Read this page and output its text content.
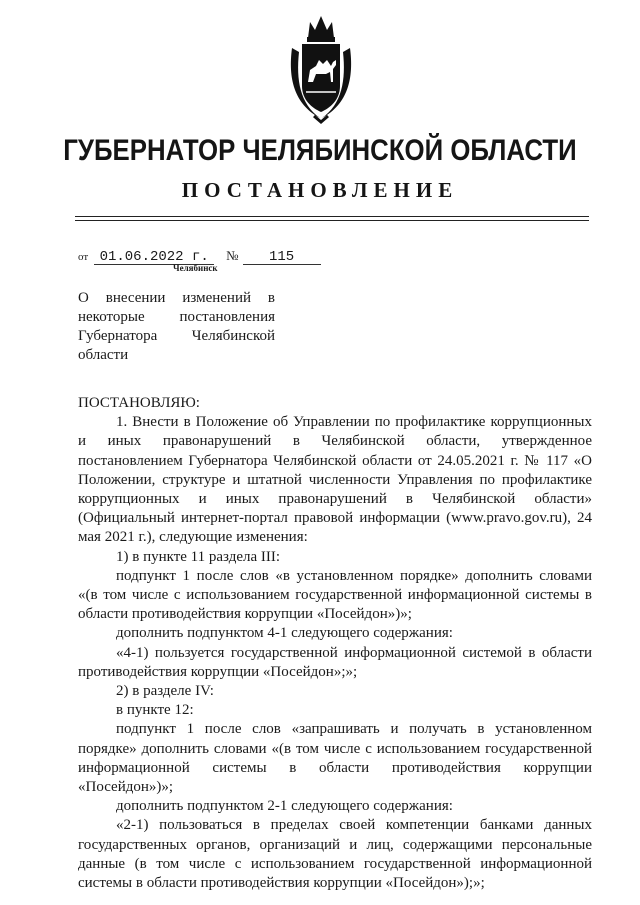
ГУБЕРНАТОР ЧЕЛЯБИНСКОЙ ОБЛАСТИ
ПОСТАНОВЛЕНИЕ
от 01.06.2022 г. № 115
Челябинск
О внесении изменений в
некоторые постановления
Губернатора Челябинской
области

ПОСТАНОВЛЯЮ:

1. Внести в Положение об Управлении по профилактике коррупционных и иных правонарушений в Челябинской области, утвержденное постановлением Губернатора Челябинской области от 24.05.2021 г. № 117 «О Положении, структуре и штатной численности Управления по профилактике коррупционных и иных правонарушений в Челябинской области» (Официальный интернет-портал правовой информации (www.pravo.gov.ru), 24 мая 2021 г.), следующие изменения:

1) в пункте 11 раздела III:

подпункт 1 после слов «в установленном порядке» дополнить словами «(в том числе с использованием государственной информационной системы в области противодействия коррупции «Посейдон»)»;

дополнить подпунктом 4-1 следующего содержания:

«4-1) пользуется государственной информационной системой в области противодействия коррупции «Посейдон»;»;

2) в разделе IV:

в пункте 12:

подпункт 1 после слов «запрашивать и получать в установленном порядке» дополнить словами «(в том числе с использованием государственной информационной системы в области противодействия коррупции «Посейдон»)»;

дополнить подпунктом 2-1 следующего содержания:

«2-1) пользоваться в пределах своей компетенции банками данных государственных органов, организаций и лиц, содержащими персональные данные (в том числе с использованием государственной информационной системы в области противодействия коррупции «Посейдон»);»;
